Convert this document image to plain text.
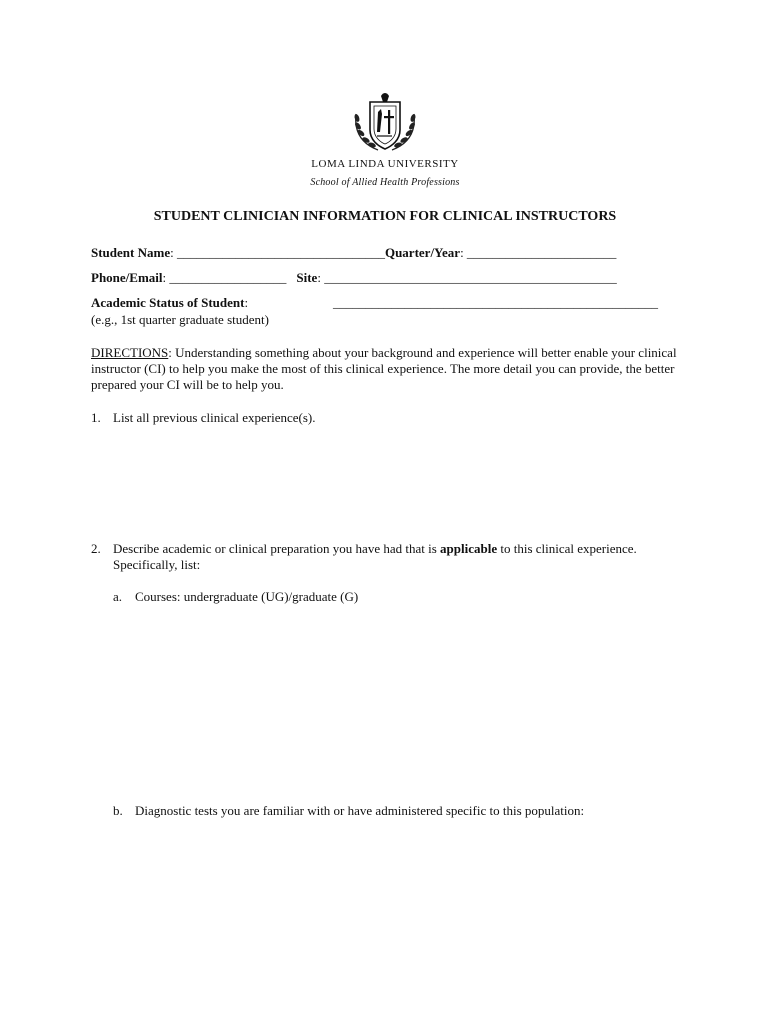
LOMA LINDA UNIVERSITY
School of Allied Health Professions
STUDENT CLINICIAN INFORMATION FOR CLINICAL INSTRUCTORS
Student Name: ________________________________Quarter/Year: _______________________
Phone/Email: __________________ Site: _____________________________________________
Academic Status of Student:	__________________________________________________
(e.g., 1st quarter graduate student)
DIRECTIONS: Understanding something about your background and experience will better enable your clinical instructor (CI) to help you make the most of this clinical experience. The more detail you can provide, the better prepared your CI will be to help you.
1. List all previous clinical experience(s).
2. Describe academic or clinical preparation you have had that is applicable to this clinical experience.
Specifically, list:
a. Courses: undergraduate (UG)/graduate (G)
b. Diagnostic tests you are familiar with or have administered specific to this population:
